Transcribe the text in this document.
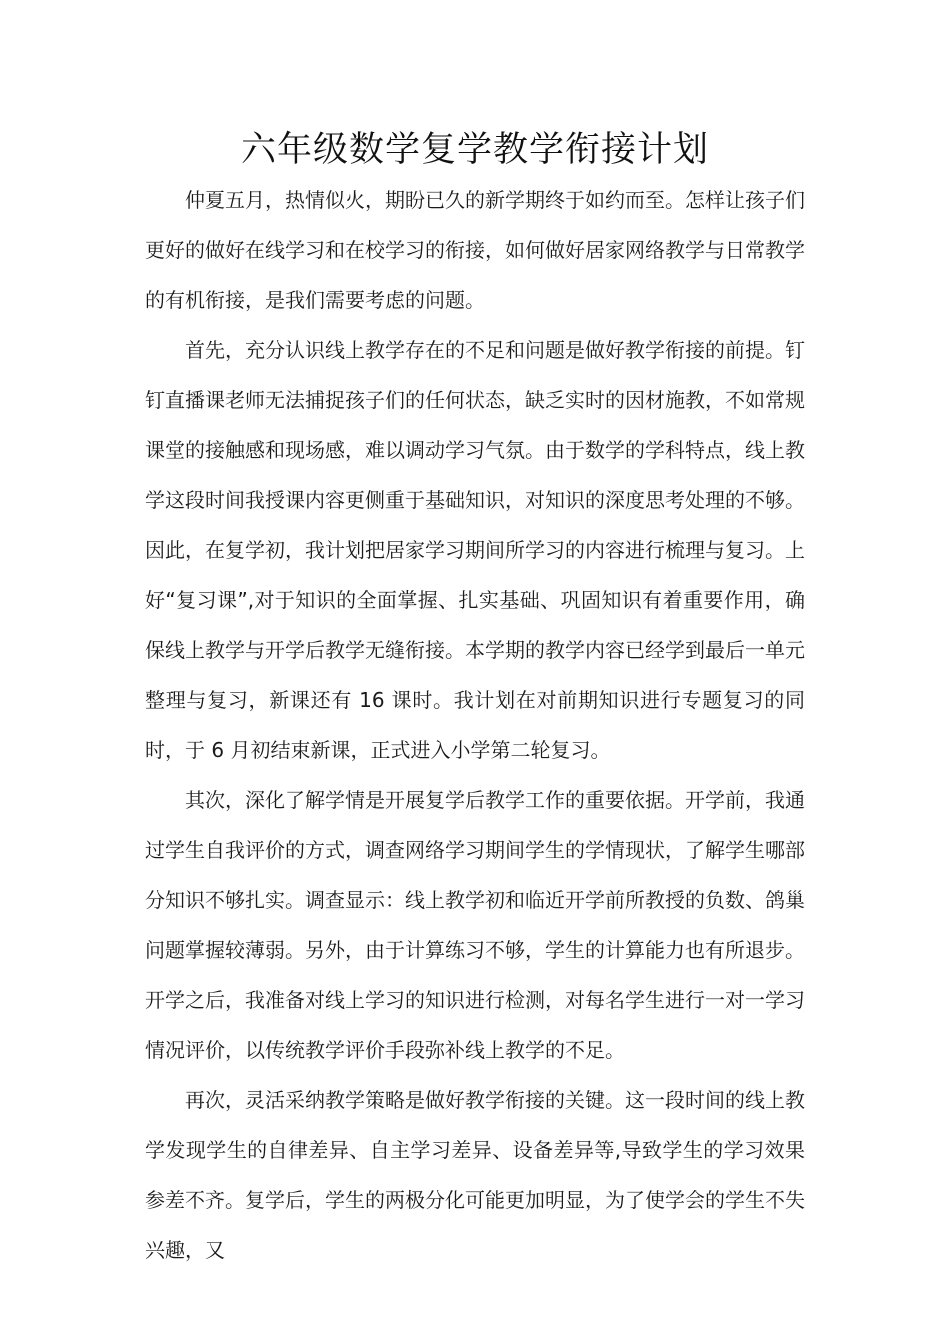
六年级数学复学教学衔接计划

仲夏五月，热情似火，期盼已久的新学期终于如约而至。怎样让孩子们更好的做好在线学习和在校学习的衔接，如何做好居家网络教学与日常教学的有机衔接，是我们需要考虑的问题。

首先，充分认识线上教学存在的不足和问题是做好教学衔接的前提。钉钉直播课老师无法捕捉孩子们的任何状态，缺乏实时的因材施教，不如常规课堂的接触感和现场感，难以调动学习气氛。由于数学的学科特点，线上教学这段时间我授课内容更侧重于基础知识，对知识的深度思考处理的不够。因此，在复学初，我计划把居家学习期间所学习的内容进行梳理与复习。上好“复习课”,对于知识的全面掌握、扎实基础、巩固知识有着重要作用，确保线上教学与开学后教学无缝衔接。本学期的教学内容已经学到最后一单元整理与复习，新课还有 16 课时。我计划在对前期知识进行专题复习的同时，于 6 月初结束新课，正式进入小学第二轮复习。

其次，深化了解学情是开展复学后教学工作的重要依据。开学前，我通过学生自我评价的方式，调查网络学习期间学生的学情现状，了解学生哪部分知识不够扎实。调查显示：线上教学初和临近开学前所教授的负数、鸽巢问题掌握较薄弱。另外，由于计算练习不够，学生的计算能力也有所退步。开学之后，我准备对线上学习的知识进行检测，对每名学生进行一对一学习情况评价，以传统教学评价手段弥补线上教学的不足。

再次，灵活采纳教学策略是做好教学衔接的关键。这一段时间的线上教学发现学生的自律差异、自主学习差异、设备差异等,导致学生的学习效果参差不齐。复学后，学生的两极分化可能更加明显，为了使学会的学生不失兴趣，又
